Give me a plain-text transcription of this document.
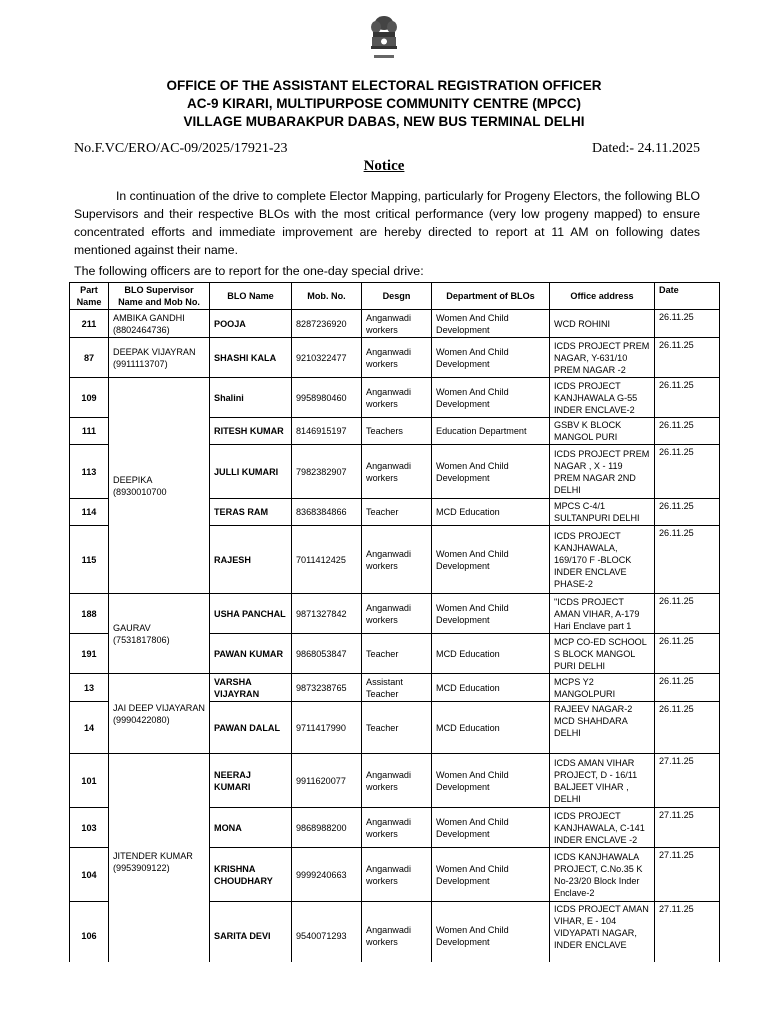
OFFICE OF THE ASSISTANT ELECTORAL REGISTRATION OFFICER
AC-9 KIRARI, MULTIPURPOSE COMMUNITY CENTRE (MPCC)
VILLAGE MUBARAKPUR DABAS, NEW BUS TERMINAL DELHI
No.F.VC/ERO/AC-09/2025/17921-23	Dated:- 24.11.2025
Notice
In continuation of the drive to complete Elector Mapping, particularly for Progeny Electors, the following BLO Supervisors and their respective BLOs with the most critical performance (very low progeny mapped) to ensure concentrated efforts and immediate improvement are hereby directed to report at 11 AM on following dates mentioned against their name.
The following officers are to report for the one-day special drive:
Part Name	BLO Supervisor Name and Mob No.	BLO Name	Mob. No.	Desgn	Department of BLOs	Office address	Date
211	AMBIKA GANDHI (8802464736)	POOJA	8287236920	Anganwadi workers	Women And Child Development	WCD ROHINI	26.11.25
87	DEEPAK VIJAYRAN (9911113707)	SHASHI KALA	9210322477	Anganwadi workers	Women And Child Development	ICDS PROJECT PREM NAGAR, Y-631/10 PREM NAGAR -2	26.11.25
109	DEEPIKA (8930010700	Shalini	9958980460	Anganwadi workers	Women And Child Development	ICDS PROJECT KANJHAWALA G-55 INDER ENCLAVE-2	26.11.25
111		RITESH KUMAR	8146915197	Teachers	Education Department	GSBV K BLOCK MANGOL PURI	26.11.25
113		JULLI KUMARI	7982382907	Anganwadi workers	Women And Child Development	ICDS PROJECT PREM NAGAR , X - 119 PREM NAGAR 2ND DELHI	26.11.25
114		TERAS RAM	8368384866	Teacher	MCD Education	MPCS C-4/1 SULTANPURI DELHI	26.11.25
115		RAJESH	7011412425	Anganwadi workers	Women And Child Development	ICDS PROJECT KANJHAWALA, 169/170 F -BLOCK INDER ENCLAVE PHASE-2	26.11.25
188	GAURAV (7531817806)	USHA PANCHAL	9871327842	Anganwadi workers	Women And Child Development	"ICDS PROJECT AMAN VIHAR, A-179 Hari Enclave part 1	26.11.25
191		PAWAN KUMAR	9868053847	Teacher	MCD Education	MCP CO-ED SCHOOL S BLOCK MANGOL PURI DELHI	26.11.25
13	JAI DEEP VIJAYARAN (9990422080)	VARSHA VIJAYRAN	9873238765	Assistant Teacher	MCD Education	MCPS Y2 MANGOLPURI	26.11.25
14		PAWAN DALAL	9711417990	Teacher	MCD Education	RAJEEV NAGAR-2 MCD SHAHDARA DELHI	26.11.25
101	JITENDER KUMAR (9953909122)	NEERAJ KUMARI	9911620077	Anganwadi workers	Women And Child Development	ICDS AMAN VIHAR PROJECT, D - 16/11 BALJEET VIHAR , DELHI	27.11.25
103		MONA	9868988200	Anganwadi workers	Women And Child Development	ICDS PROJECT KANJHAWALA, C-141 INDER ENCLAVE -2	27.11.25
104		KRISHNA CHOUDHARY	9999240663	Anganwadi workers	Women And Child Development	ICDS KANJHAWALA PROJECT, C.No.35 K No-23/20 Block Inder Enclave-2	27.11.25
106		SARITA DEVI	9540071293	Anganwadi workers	Women And Child Development	ICDS PROJECT AMAN VIHAR, E - 104 VIDYAPATI NAGAR, INDER ENCLAVE	27.11.25
